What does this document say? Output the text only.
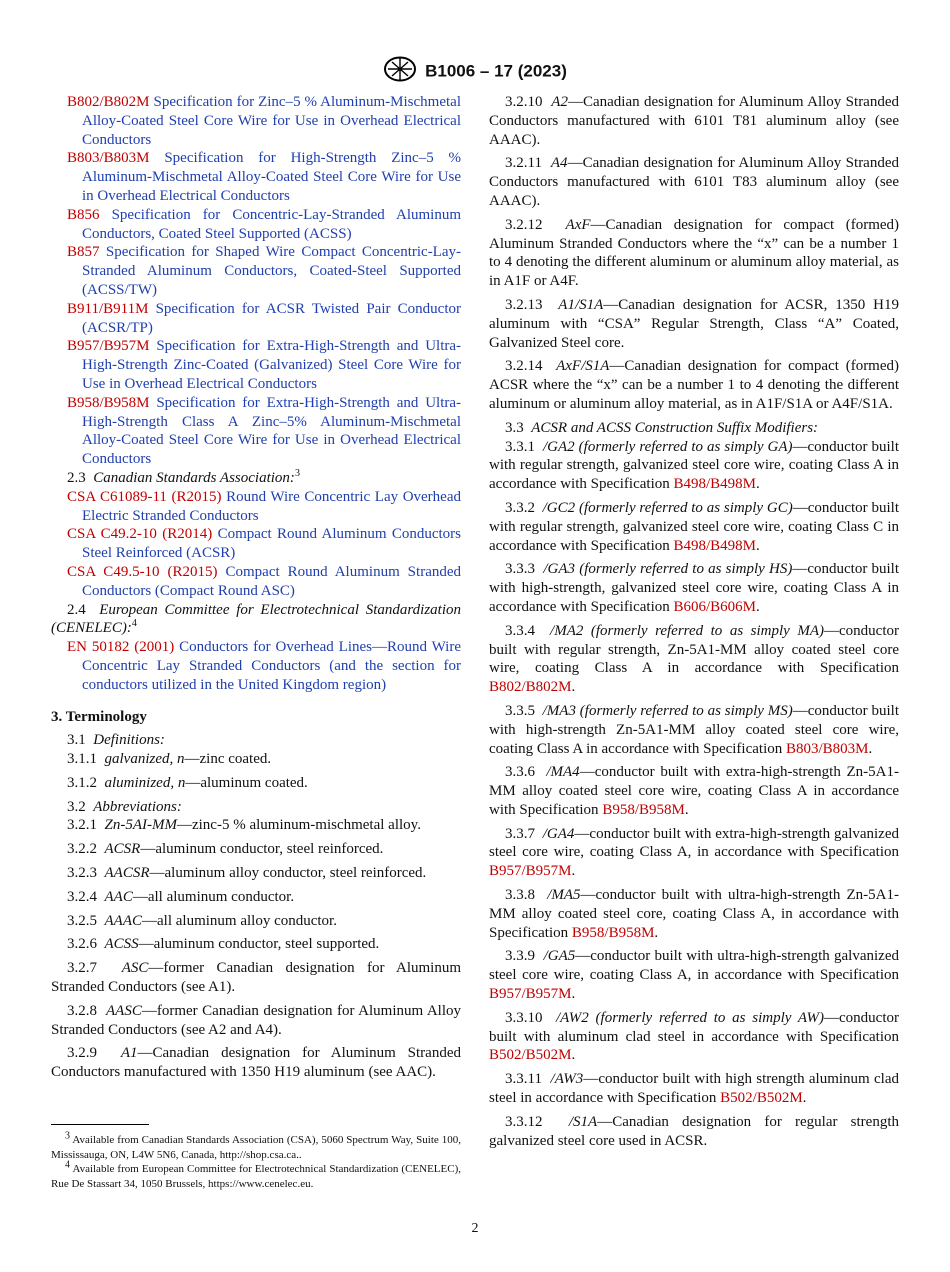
B1006 – 17 (2023)

B802/B802M Specification for Zinc–5 % Aluminum-Mischmetal Alloy-Coated Steel Core Wire for Use in Overhead Electrical Conductors

B803/B803M Specification for High-Strength Zinc–5 % Aluminum-Mischmetal Alloy-Coated Steel Core Wire for Use in Overhead Electrical Conductors

B856 Specification for Concentric-Lay-Stranded Aluminum Conductors, Coated Steel Supported (ACSS)

B857 Specification for Shaped Wire Compact Concentric-Lay-Stranded Aluminum Conductors, Coated-Steel Supported (ACSS/TW)

B911/B911M Specification for ACSR Twisted Pair Conductor (ACSR/TP)

B957/B957M Specification for Extra-High-Strength and Ultra-High-Strength Zinc-Coated (Galvanized) Steel Core Wire for Use in Overhead Electrical Conductors

B958/B958M Specification for Extra-High-Strength and Ultra-High-Strength Class A Zinc–5% Aluminum-Mischmetal Alloy-Coated Steel Core Wire for Use in Overhead Electrical Conductors

2.3 Canadian Standards Association:$^3$

CSA C61089-11 (R2015) Round Wire Concentric Lay Overhead Electric Stranded Conductors

CSA C49.2-10 (R2014) Compact Round Aluminum Conductors Steel Reinforced (ACSR)

CSA C49.5-10 (R2015) Compact Round Aluminum Stranded Conductors (Compact Round ASC)

2.4 European Committee for Electrotechnical Standardization (CENELEC):$^4$

EN 50182 (2001) Conductors for Overhead Lines—Round Wire Concentric Lay Stranded Conductors (and the section for conductors utilized in the United Kingdom region)

3. Terminology

3.1 Definitions:

3.1.1 galvanized, n—zinc coated.

3.1.2 aluminized, n—aluminum coated.

3.2 Abbreviations:

3.2.1 Zn-5AI-MM—zinc-5 % aluminum-mischmetal alloy.

3.2.2 ACSR—aluminum conductor, steel reinforced.

3.2.3 AACSR—aluminum alloy conductor, steel reinforced.

3.2.4 AAC—all aluminum conductor.

3.2.5 AAAC—all aluminum alloy conductor.

3.2.6 ACSS—aluminum conductor, steel supported.

3.2.7 ASC—former Canadian designation for Aluminum Stranded Conductors (see A1).

3.2.8 AASC—former Canadian designation for Aluminum Alloy Stranded Conductors (see A2 and A4).

3.2.9 A1—Canadian designation for Aluminum Stranded Conductors manufactured with 1350 H19 aluminum (see AAC).

3.2.10 A2—Canadian designation for Aluminum Alloy Stranded Conductors manufactured with 6101 T81 aluminum alloy (see AAAC).

3.2.11 A4—Canadian designation for Aluminum Alloy Stranded Conductors manufactured with 6101 T83 aluminum alloy (see AAAC).

3.2.12 AxF—Canadian designation for compact (formed) Aluminum Stranded Conductors where the “x” can be a number 1 to 4 denoting the different aluminum or aluminum alloy material, as in A1F or A4F.

3.2.13 A1/S1A—Canadian designation for ACSR, 1350 H19 aluminum with “CSA” Regular Strength, Class “A” Coated, Galvanized Steel core.

3.2.14 AxF/S1A—Canadian designation for compact (formed) ACSR where the “x” can be a number 1 to 4 denoting the different aluminum or aluminum alloy material, as in A1F/S1A or A4F/S1A.

3.3 ACSR and ACSS Construction Suffix Modifiers:

3.3.1 /GA2 (formerly referred to as simply GA)—conductor built with regular strength, galvanized steel core wire, coating Class A in accordance with Specification B498/B498M.

3.3.2 /GC2 (formerly referred to as simply GC)—conductor built with regular strength, galvanized steel core wire, coating Class C in accordance with Specification B498/B498M.

3.3.3 /GA3 (formerly referred to as simply HS)—conductor built with high-strength, galvanized steel core wire, coating Class A in accordance with Specification B606/B606M.

3.3.4 /MA2 (formerly referred to as simply MA)—conductor built with regular strength, Zn-5A1-MM alloy coated steel core wire, coating Class A in accordance with Specification B802/B802M.

3.3.5 /MA3 (formerly referred to as simply MS)—conductor built with high-strength Zn-5A1-MM alloy coated steel core wire, coating Class A in accordance with Specification B803/B803M.

3.3.6 /MA4—conductor built with extra-high-strength Zn-5A1-MM alloy coated steel core wire, coating Class A in accordance with Specification B958/B958M.

3.3.7 /GA4—conductor built with extra-high-strength galvanized steel core wire, coating Class A, in accordance with Specification B957/B957M.

3.3.8 /MA5—conductor built with ultra-high-strength Zn-5A1-MM alloy coated steel core, coating Class A, in accordance with Specification B958/B958M.

3.3.9 /GA5—conductor built with ultra-high-strength galvanized steel core wire, coating Class A, in accordance with Specification B957/B957M.

3.3.10 /AW2 (formerly referred to as simply AW)—conductor built with aluminum clad steel in accordance with Specification B502/B502M.

3.3.11 /AW3—conductor built with high strength aluminum clad steel in accordance with Specification B502/B502M.

3.3.12 /S1A—Canadian designation for regular strength galvanized steel core used in ACSR.

$^3$ Available from Canadian Standards Association (CSA), 5060 Spectrum Way, Suite 100, Mississauga, ON, L4W 5N6, Canada, http://shop.csa.ca..

$^4$ Available from European Committee for Electrotechnical Standardization (CENELEC), Rue De Stassart 34, 1050 Brussels, https://www.cenelec.eu.

2
